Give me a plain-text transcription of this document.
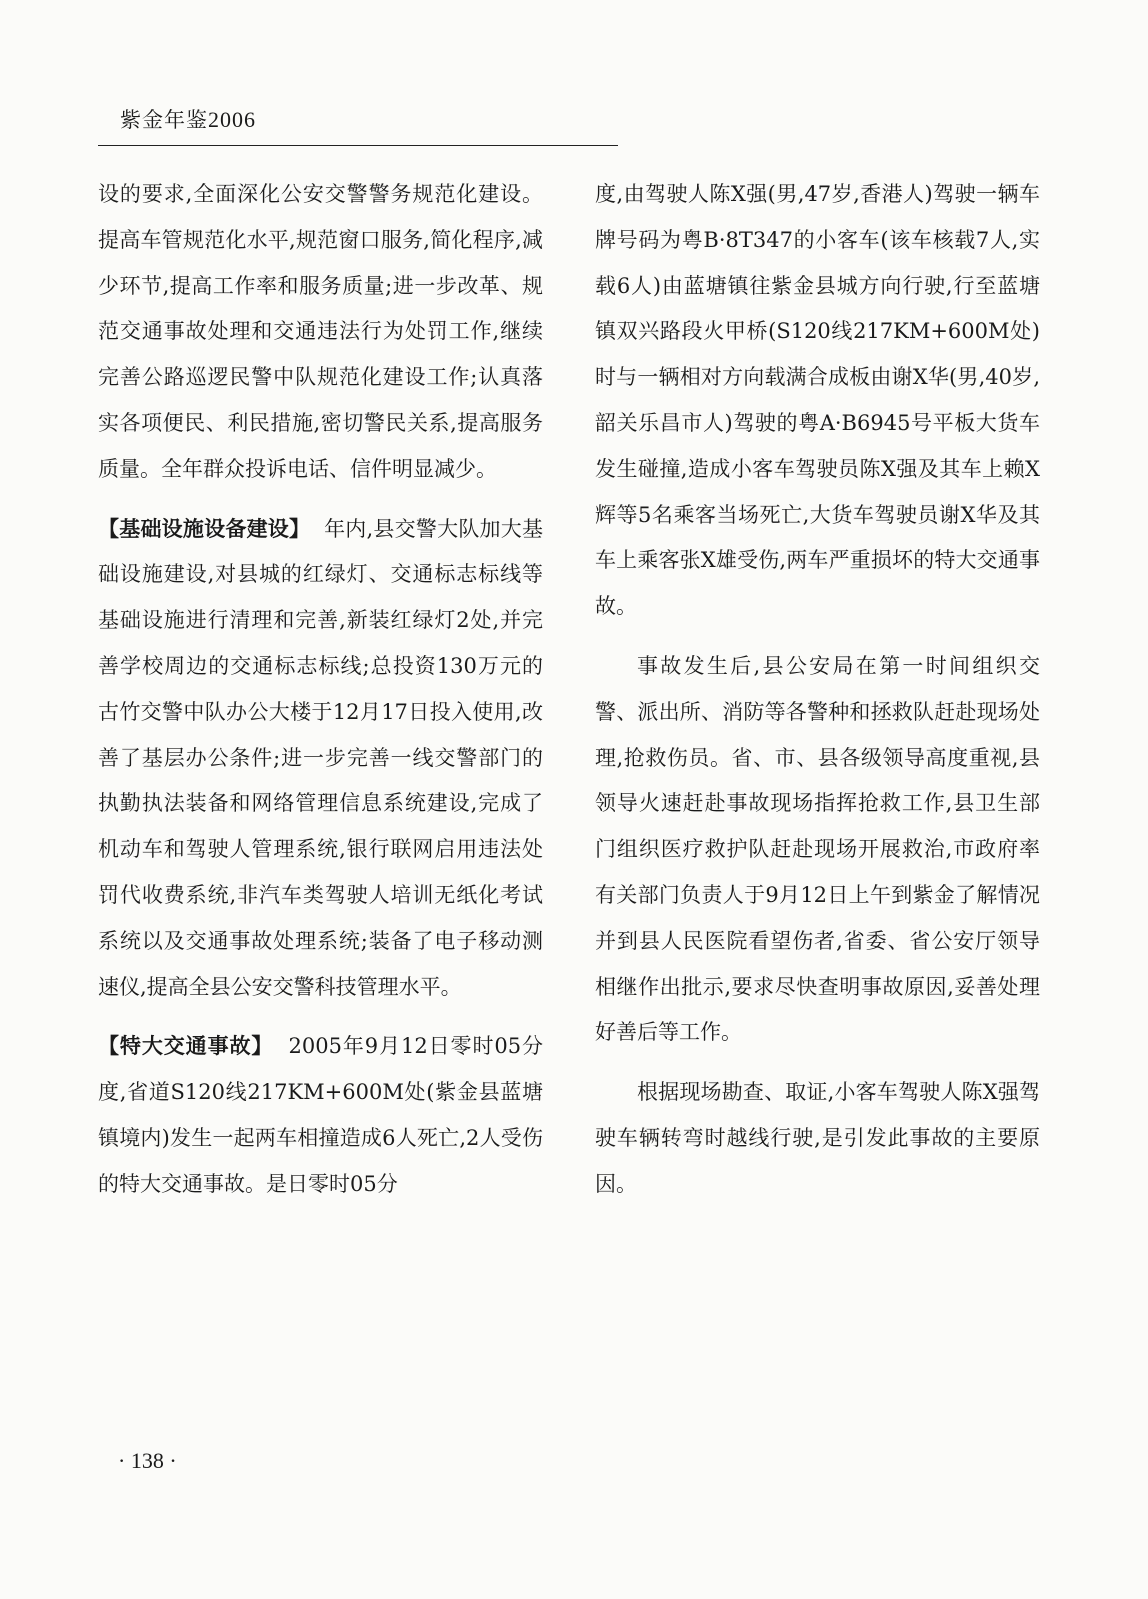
紫金年鉴2006

设的要求,全面深化公安交警警务规范化建设。提高车管规范化水平,规范窗口服务,简化程序,减少环节,提高工作率和服务质量;进一步改革、规范交通事故处理和交通违法行为处罚工作,继续完善公路巡逻民警中队规范化建设工作;认真落实各项便民、利民措施,密切警民关系,提高服务质量。全年群众投诉电话、信件明显减少。

【基础设施设备建设】 年内,县交警大队加大基础设施建设,对县城的红绿灯、交通标志标线等基础设施进行清理和完善,新装红绿灯2处,并完善学校周边的交通标志标线;总投资130万元的古竹交警中队办公大楼于12月17日投入使用,改善了基层办公条件;进一步完善一线交警部门的执勤执法装备和网络管理信息系统建设,完成了机动车和驾驶人管理系统,银行联网启用违法处罚代收费系统,非汽车类驾驶人培训无纸化考试系统以及交通事故处理系统;装备了电子移动测速仪,提高全县公安交警科技管理水平。

【特大交通事故】 2005年9月12日零时05分度,省道S120线217KM+600M处(紫金县蓝塘镇境内)发生一起两车相撞造成6人死亡,2人受伤的特大交通事故。是日零时05分

度,由驾驶人陈X强(男,47岁,香港人)驾驶一辆车牌号码为粤B·8T347的小客车(该车核载7人,实载6人)由蓝塘镇往紫金县城方向行驶,行至蓝塘镇双兴路段火甲桥(S120线217KM+600M处)时与一辆相对方向载满合成板由谢X华(男,40岁,韶关乐昌市人)驾驶的粤A·B6945号平板大货车发生碰撞,造成小客车驾驶员陈X强及其车上赖X辉等5名乘客当场死亡,大货车驾驶员谢X华及其车上乘客张X雄受伤,两车严重损坏的特大交通事故。

事故发生后,县公安局在第一时间组织交警、派出所、消防等各警种和拯救队赶赴现场处理,抢救伤员。省、市、县各级领导高度重视,县领导火速赶赴事故现场指挥抢救工作,县卫生部门组织医疗救护队赶赴现场开展救治,市政府率有关部门负责人于9月12日上午到紫金了解情况并到县人民医院看望伤者,省委、省公安厅领导相继作出批示,要求尽快查明事故原因,妥善处理好善后等工作。

根据现场勘查、取证,小客车驾驶人陈X强驾驶车辆转弯时越线行驶,是引发此事故的主要原因。

· 138 ·
